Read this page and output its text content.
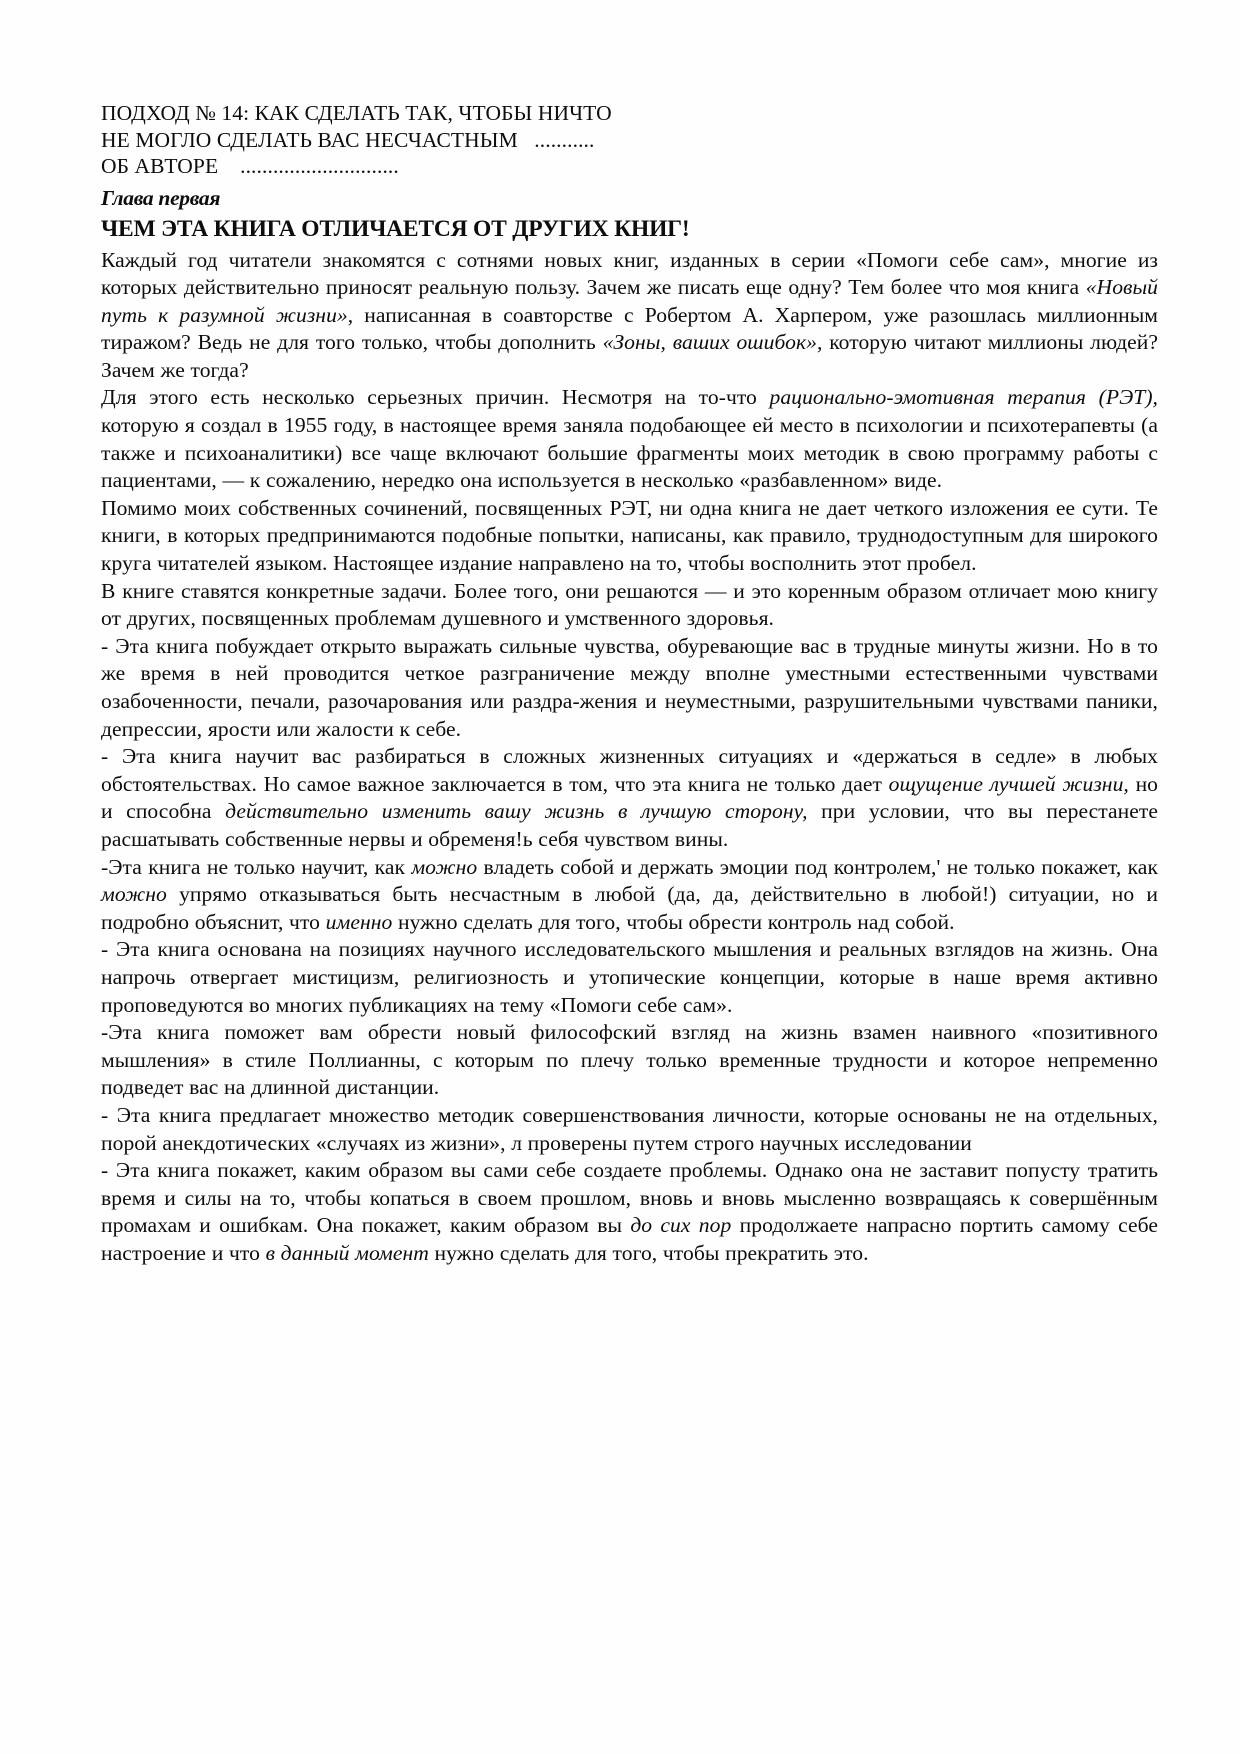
ПОДХОД № 14: КАК СДЕЛАТЬ ТАК, ЧТОБЫ НИЧТО
НЕ МОГЛО СДЕЛАТЬ ВАС НЕСЧАСТНЫМ   ...........
ОБ АВТОРЕ    .............................
Глава первая
ЧЕМ ЭТА КНИГА ОТЛИЧАЕТСЯ ОТ ДРУГИХ КНИГ!

Каждый год читатели знакомятся с сотнями новых книг, изданных в серии «Помоги себе сам», многие из которых действительно приносят реальную пользу. Зачем же писать еще одну? Тем более что моя книга «Новый путь к разумной жизни», написанная в соавторстве с Робертом А. Харпером, уже разошлась миллионным тиражом? Ведь не для того только, чтобы дополнить «Зоны, ваших ошибок», которую читают миллионы людей? Зачем же тогда?

Для этого есть несколько серьезных причин. Несмотря на то-что рационально-эмотивная терапия (РЭТ), которую я создал в 1955 году, в настоящее время заняла подобающее ей место в психологии и психотерапевты (а также и психоаналитики) все чаще включают большие фрагменты моих методик в свою программу работы с пациентами, — к сожалению, нередко она используется в несколько «разбавленном» виде.

Помимо моих собственных сочинений, посвященных РЭТ, ни одна книга не дает четкого изложения ее сути. Те книги, в которых предпринимаются подобные попытки, написаны, как правило, труднодоступным для широкого круга читателей языком. Настоящее издание направлено на то, чтобы восполнить этот пробел.

В книге ставятся конкретные задачи. Более того, они решаются — и это коренным образом отличает мою книгу от других, посвященных проблемам душевного и умственного здоровья.

- Эта книга побуждает открыто выражать сильные чувства, обуревающие вас в трудные минуты жизни. Но в то же время в ней проводится четкое разграничение между вполне уместными естественными чувствами озабоченности, печали, разочарования или раздра-жения и неуместными, разрушительными чувствами паники, депрессии, ярости или жалости к себе.

- Эта книга научит вас разбираться в сложных жизненных ситуациях и «держаться в седле» в любых обстоятельствах. Но самое важное заключается в том, что эта книга не только дает ощущение лучшей жизни, но и способна действительно изменить вашу жизнь в лучшую сторону, при условии, что вы перестанете расшатывать собственные нервы и обременя!ь себя чувством вины.

-Эта книга не только научит, как можно владеть собой и держать эмоции под контролем,' не только покажет, как можно упрямо отказываться быть несчастным в любой (да, да, действительно в любой!) ситуации, но и подробно объяснит, что именно нужно сделать для того, чтобы обрести контроль над собой.

- Эта книга основана на позициях научного исследовательского мышления и реальных взглядов на жизнь. Она напрочь отвергает мистицизм, религиозность и утопические концепции, которые в наше время активно проповедуются во многих публикациях на тему «Помоги себе сам».

-Эта книга поможет вам обрести новый философский взгляд на жизнь взамен наивного «позитивного мышления» в стиле Поллианны, с которым по плечу только временные трудности и которое непременно подведет вас на длинной дистанции.

- Эта книга предлагает множество методик совершенствования личности, которые основаны не на отдельных, порой анекдотических «случаях из жизни», л проверены путем строго научных исследовании

- Эта книга покажет, каким образом вы сами себе создаете проблемы. Однако она не заставит попусту тратить время и силы на то, чтобы копаться в своем прошлом, вновь и вновь мысленно возвращаясь к совершённым промахам и ошибкам. Она покажет, каким образом вы до сих пор продолжаете напрасно портить самому себе настроение и что в данный момент нужно сделать для того, чтобы прекратить это.
